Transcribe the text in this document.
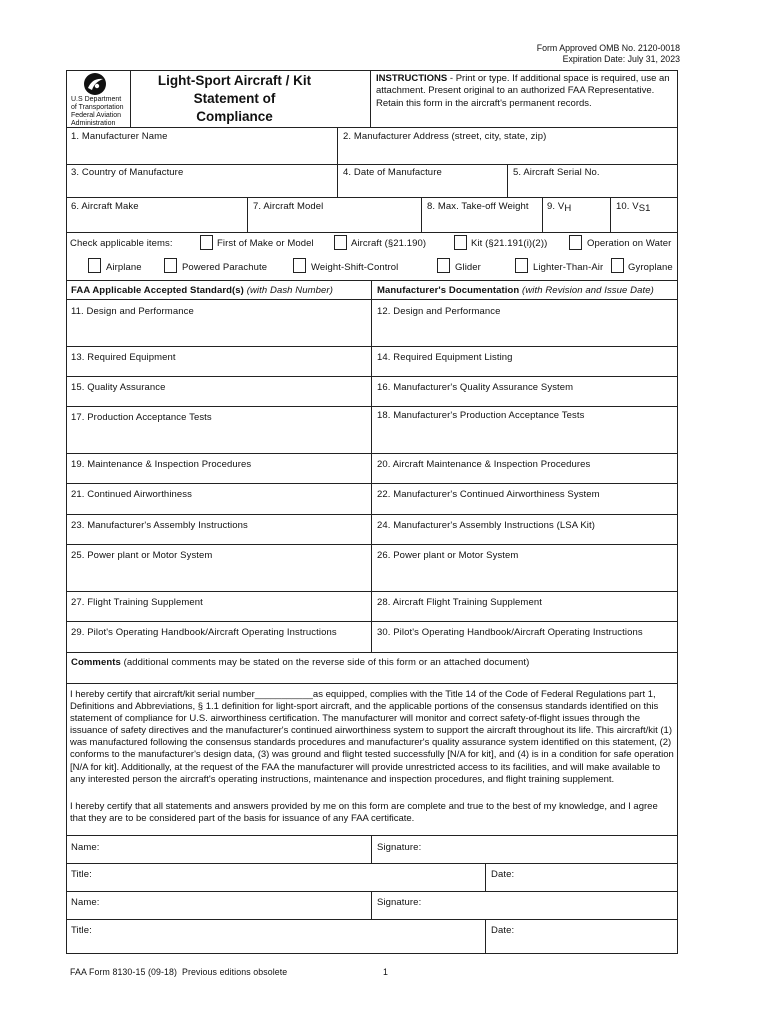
Form Approved OMB No. 2120-0018
Expiration Date: July 31, 2023
U.S Department
of Transportation
Federal Aviation
Administration
Light-Sport Aircraft / Kit
Statement of
Compliance
INSTRUCTIONS - Print or type. If additional space is required, use an attachment. Present original to an authorized FAA Representative. Retain this form in the aircraft's permanent records.
1. Manufacturer Name	2. Manufacturer Address (street, city, state, zip)
3. Country of Manufacture	4. Date of Manufacture	5. Aircraft Serial No.
6. Aircraft Make	7. Aircraft Model	8. Max. Take-off Weight 9. VH	10. VS1
Check applicable items:	First of Make or Model	Aircraft (§21.190)	Kit (§21.191(i)(2))	Operation on Water
Airplane	Powered Parachute	Weight-Shift-Control	Glider	Lighter-Than-Air	Gyroplane
FAA Applicable Accepted Standard(s) (with Dash Number)	Manufacturer's Documentation (with Revision and Issue Date)
11. Design and Performance	12. Design and Performance
13. Required Equipment	14. Required Equipment Listing
15. Quality Assurance	16. Manufacturer's Quality Assurance System
17. Production Acceptance Tests	18. Manufacturer's Production Acceptance Tests
19. Maintenance & Inspection Procedures	20. Aircraft Maintenance & Inspection Procedures
21. Continued Airworthiness	22. Manufacturer's Continued Airworthiness System
23. Manufacturer's Assembly Instructions	24. Manufacturer's Assembly Instructions (LSA Kit)
25. Power plant or Motor System	26. Power plant or Motor System
27. Flight Training Supplement	28. Aircraft Flight Training Supplement
29. Pilot's Operating Handbook/Aircraft Operating Instructions	30. Pilot's Operating Handbook/Aircraft Operating Instructions
Comments (additional comments may be stated on the reverse side of this form or an attached document)
I hereby certify that aircraft/kit serial number___________as equipped, complies with the Title 14 of the Code of Federal Regulations part 1, Definitions and Abbreviations, § 1.1 definition for light-sport aircraft, and the applicable portions of the consensus standards identified on this statement of compliance for U.S. airworthiness certification. The manufacturer will monitor and correct safety-of-flight issues through the issuance of safety directives and the manufacturer's continued airworthiness system to support the aircraft throughout its life. This aircraft/kit (1) was manufactured following the consensus standards procedures and manufacturer's quality assurance system identified on this statement, (2) conforms to the manufacturer's design data, (3) was ground and flight tested successfully [N/A for kit], and (4) is in a condition for safe operation [N/A for kit]. Additionally, at the request of the FAA the manufacturer will provide unrestricted access to its facilities, and will make available to any interested person the aircraft's operating instructions, maintenance and inspection procedures, and flight training supplement.
I hereby certify that all statements and answers provided by me on this form are complete and true to the best of my knowledge, and I agree that they are to be considered part of the basis for issuance of any FAA certificate.
Name:	Signature:
Title:	Date:
Name:	Signature:
Title:	Date:
FAA Form 8130-15 (09-18) Previous editions obsolete	1
